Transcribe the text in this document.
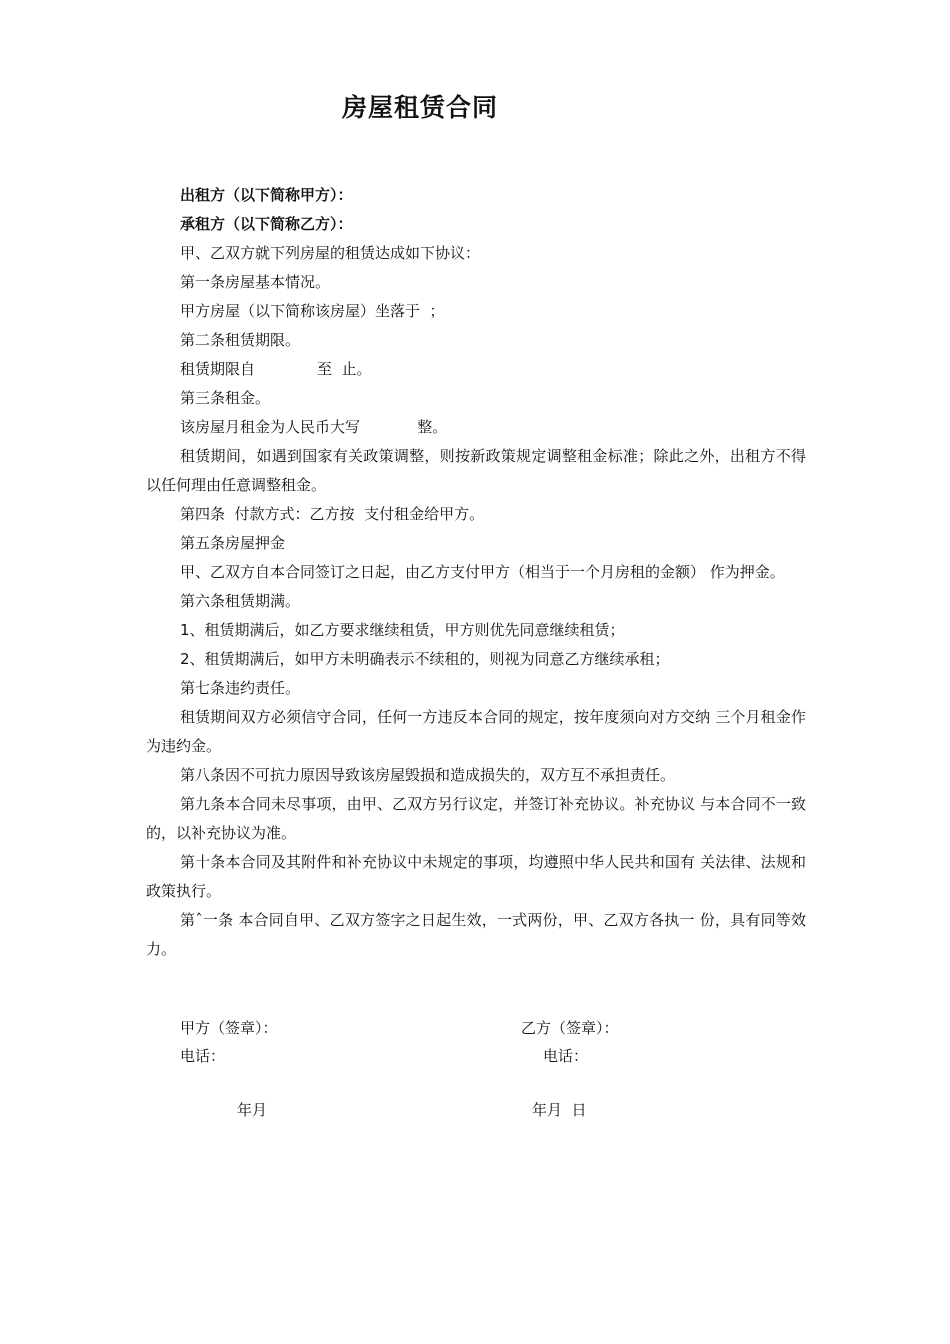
房屋租赁合同

出租方（以下简称甲方）：

承租方（以下简称乙方）：

甲、乙双方就下列房屋的租赁达成如下协议：

第一条房屋基本情况。

甲方房屋（以下简称该房屋）坐落于  ；

第二条租赁期限。

租赁期限自             至  止。

第三条租金。

该房屋月租金为人民币大写            整。

租赁期间，如遇到国家有关政策调整，则按新政策规定调整租金标准；除此之外，出租方不得以任何理由任意调整租金。

第四条  付款方式：乙方按  支付租金给甲方。

第五条房屋押金

甲、乙双方自本合同签订之日起，由乙方支付甲方（相当于一个月房租的金额） 作为押金。

第六条租赁期满。

1、租赁期满后，如乙方要求继续租赁，甲方则优先同意继续租赁；

2、租赁期满后，如甲方未明确表示不续租的，则视为同意乙方继续承租；

第七条违约责任。

租赁期间双方必须信守合同，任何一方违反本合同的规定，按年度须向对方交纳 三个月租金作为违约金。

第八条因不可抗力原因导致该房屋毁损和造成损失的，双方互不承担责任。

第九条本合同未尽事项，由甲、乙双方另行议定，并签订补充协议。补充协议 与本合同不一致的，以补充协议为准。

第十条本合同及其附件和补充协议中未规定的事项，均遵照中华人民共和国有 关法律、法规和政策执行。

第ˆ一条 本合同自甲、乙双方签字之日起生效，一式两份，甲、乙双方各执一 份，具有同等效力。

甲方（签章）：	乙方（签章）：
电话：	电话：
年月	年月  日
